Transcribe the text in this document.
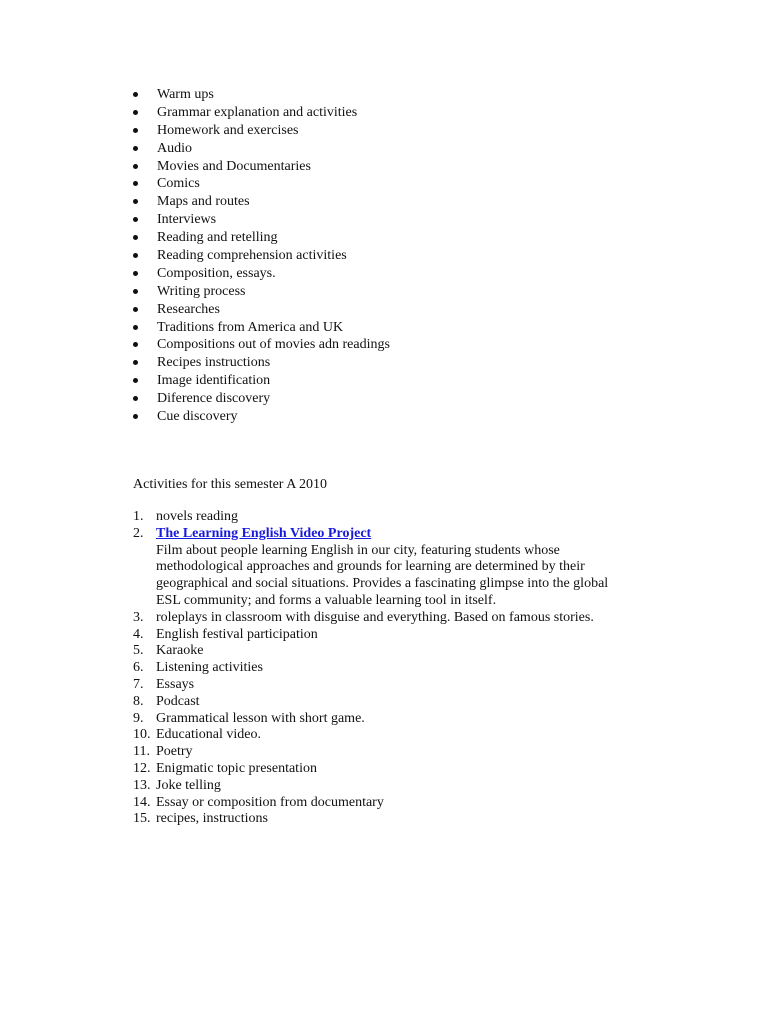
Warm ups
Grammar explanation and activities
Homework and exercises
Audio
Movies and Documentaries
Comics
Maps and routes
Interviews
Reading and retelling
Reading comprehension activities
Composition, essays.
Writing process
Researches
Traditions from America and UK
Compositions out of movies adn readings
Recipes instructions
Image identification
Diference discovery
Cue discovery
Activities for this semester A 2010
1. novels reading
2. The Learning English Video Project
Film about people learning English in our city, featuring students whose
methodological approaches and grounds for learning are determined by their
geographical and social situations. Provides a fascinating glimpse into the global
ESL community; and forms a valuable learning tool in itself.
3. roleplays in classroom with disguise and everything. Based on famous stories.
4. English festival participation
5. Karaoke
6. Listening activities
7. Essays
8. Podcast
9. Grammatical lesson with short game.
10. Educational video.
11. Poetry
12. Enigmatic topic presentation
13. Joke telling
14. Essay or composition from documentary
15. recipes, instructions
